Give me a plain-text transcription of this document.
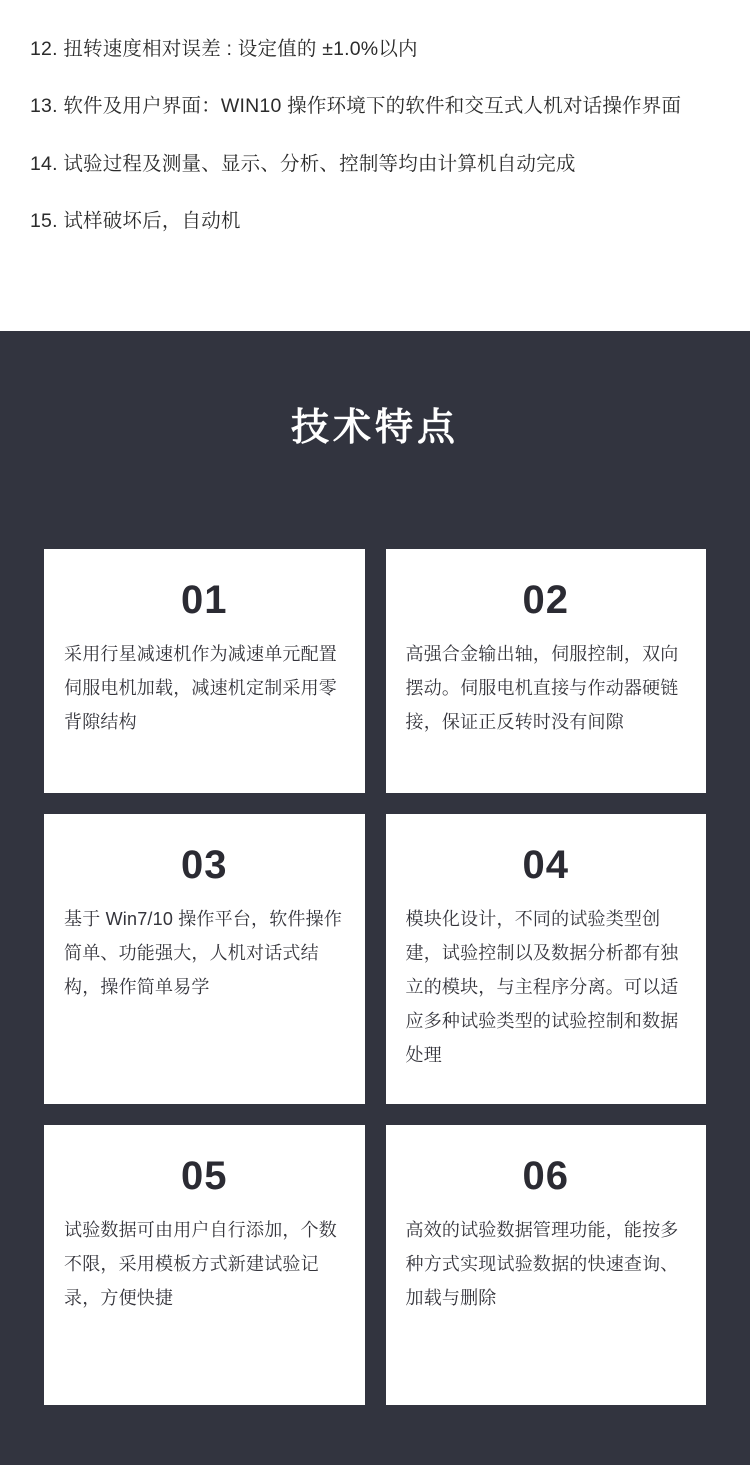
12. 扭转速度相对误差 : 设定值的 ±1.0%以内

13. 软件及用户界面：WIN10 操作环境下的软件和交互式人机对话操作界面

14. 试验过程及测量、显示、分析、控制等均由计算机自动完成

15. 试样破坏后，自动机

技术特点
01
采用行星减速机作为减速单元配置伺服电机加载，减速机定制采用零背隙结构
02
高强合金输出轴，伺服控制，双向摆动。伺服电机直接与作动器硬链接，保证正反转时没有间隙
03
基于 Win7/10 操作平台，软件操作简单、功能强大，人机对话式结构，操作简单易学
04
模块化设计，不同的试验类型创建，试验控制以及数据分析都有独立的模块，与主程序分离。可以适应多种试验类型的试验控制和数据处理
05
试验数据可由用户自行添加，个数不限，采用模板方式新建试验记录，方便快捷
06
高效的试验数据管理功能，能按多种方式实现试验数据的快速查询、加载与删除
